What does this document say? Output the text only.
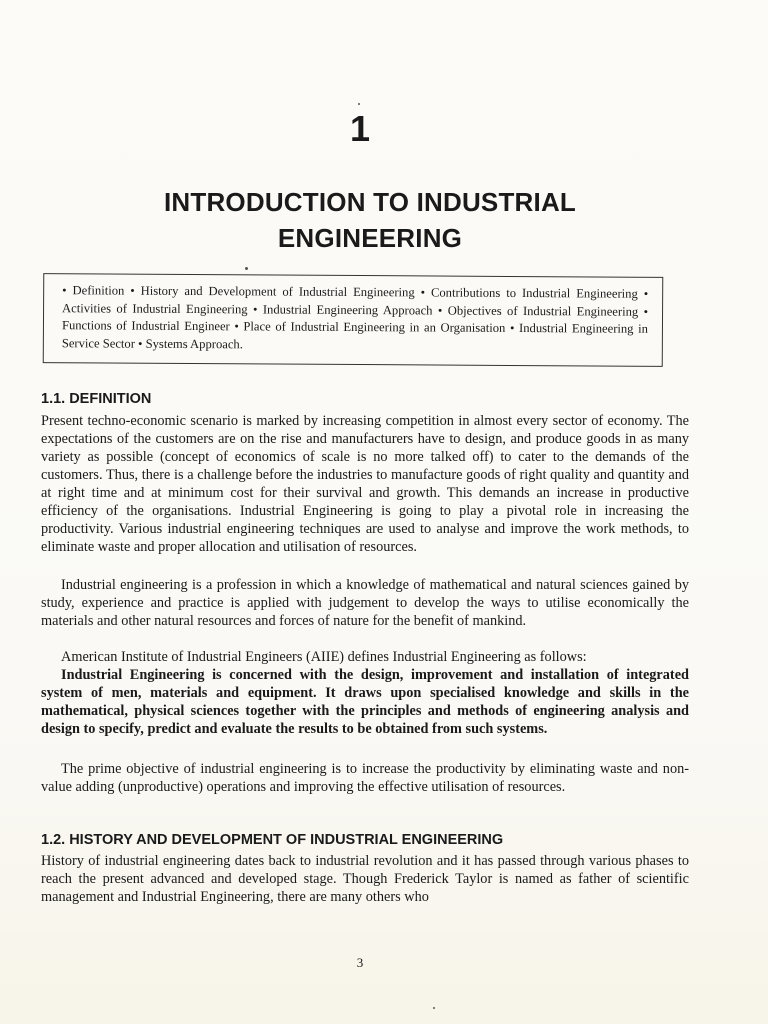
1
INTRODUCTION TO INDUSTRIAL ENGINEERING
• Definition • History and Development of Industrial Engineering • Contributions to Industrial Engineering • Activities of Industrial Engineering • Industrial Engineering Approach • Objectives of Industrial Engineering • Functions of Industrial Engineer • Place of Industrial Engineering in an Organisation • Industrial Engineering in Service Sector • Systems Approach.
1.1. DEFINITION

Present techno-economic scenario is marked by increasing competition in almost every sector of economy. The expectations of the customers are on the rise and manufacturers have to design, and produce goods in as many variety as possible (concept of economics of scale is no more talked off) to cater to the demands of the customers. Thus, there is a challenge before the industries to manufacture goods of right quality and quantity and at right time and at minimum cost for their survival and growth. This demands an increase in productive efficiency of the organisations. Industrial Engineering is going to play a pivotal role in increasing the productivity. Various industrial engineering techniques are used to analyse and improve the work methods, to eliminate waste and proper allocation and utilisation of resources.

Industrial engineering is a profession in which a knowledge of mathematical and natural sciences gained by study, experience and practice is applied with judgement to develop the ways to utilise economically the materials and other natural resources and forces of nature for the benefit of mankind.

American Institute of Industrial Engineers (AIIE) defines Industrial Engineering as follows:

Industrial Engineering is concerned with the design, improvement and installation of integrated system of men, materials and equipment. It draws upon specialised knowledge and skills in the mathematical, physical sciences together with the principles and methods of engineering analysis and design to specify, predict and evaluate the results to be obtained from such systems.

The prime objective of industrial engineering is to increase the productivity by eliminating waste and non-value adding (unproductive) operations and improving the effective utilisation of resources.

1.2. HISTORY AND DEVELOPMENT OF INDUSTRIAL ENGINEERING

History of industrial engineering dates back to industrial revolution and it has passed through various phases to reach the present advanced and developed stage. Though Frederick Taylor is named as father of scientific management and Industrial Engineering, there are many others who

3
